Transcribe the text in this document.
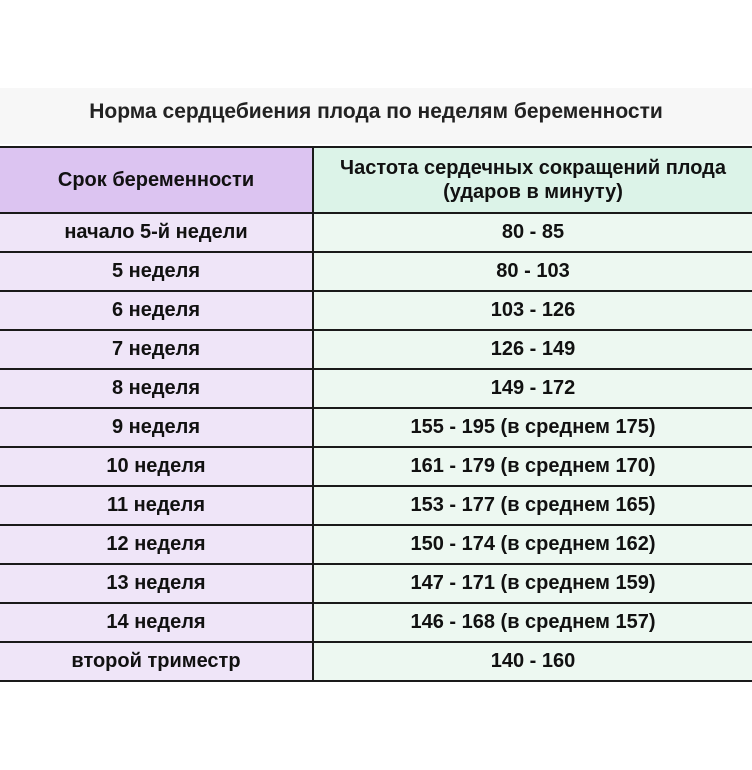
Норма сердцебиения плода по неделям беременности
Срок беременности	Частота сердечных сокращений плода (ударов в минуту)
начало 5-й недели	80 - 85
5 неделя	80 - 103
6 неделя	103 - 126
7 неделя	126 - 149
8 неделя	149 - 172
9 неделя	155 - 195 (в среднем 175)
10 неделя	161 - 179 (в среднем 170)
11 неделя	153 - 177 (в среднем 165)
12 неделя	150 - 174 (в среднем 162)
13 неделя	147 - 171 (в среднем 159)
14 неделя	146 - 168 (в среднем 157)
второй триместр	140 - 160
